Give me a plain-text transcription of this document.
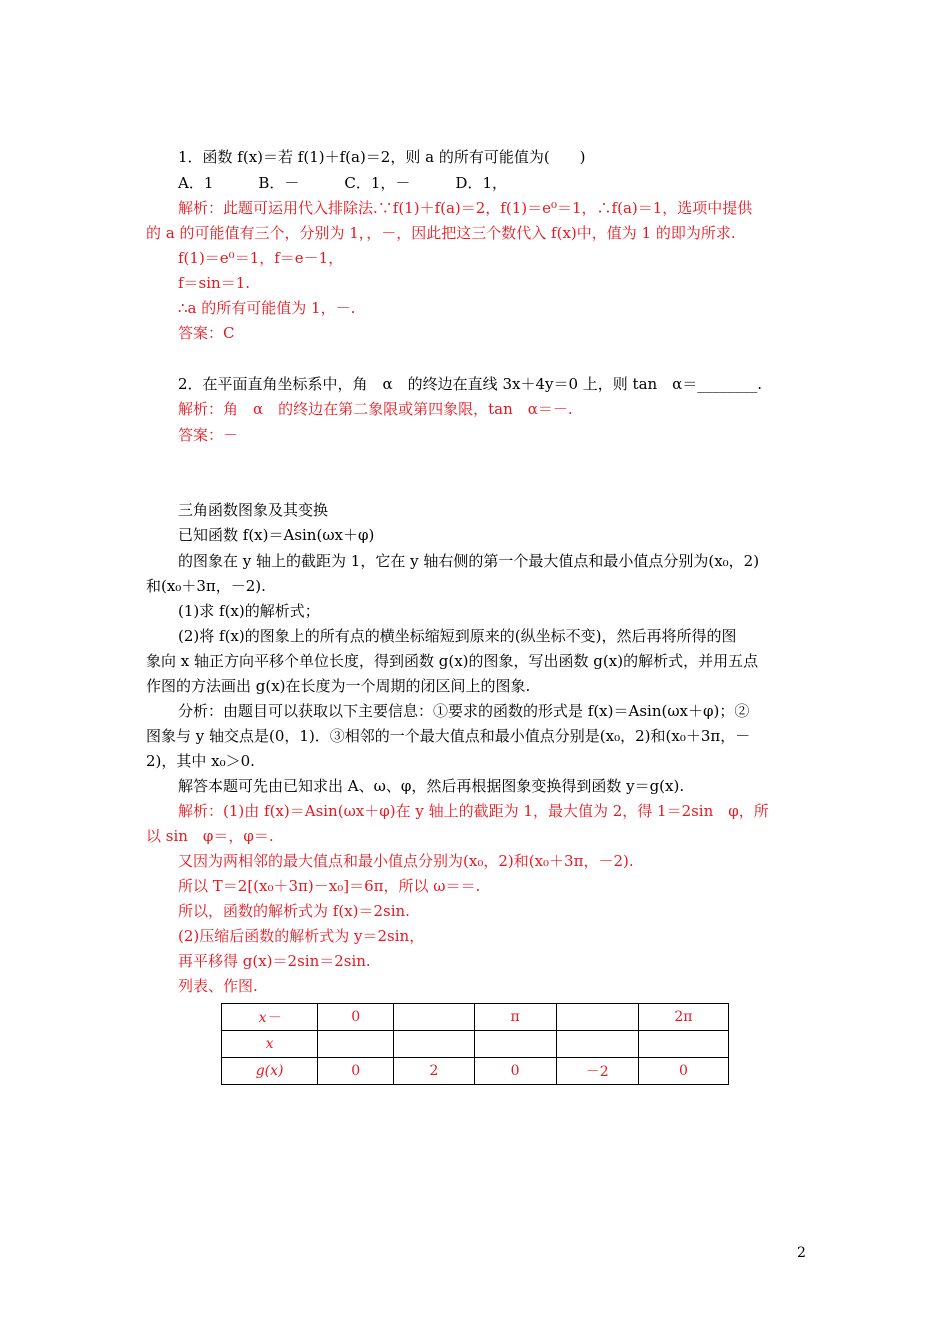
1．函数 f(x)＝若 f(1)＋f(a)＝2，则 a 的所有可能值为(　　)
A．1　　　B．－　　　C．1，－　　　D．1，
解析：此题可运用代入排除法.∵f(1)＋f(a)＝2，f(1)＝e⁰＝1，∴f(a)＝1，选项中提供
的 a 的可能值有三个，分别为 1，，－，因此把这三个数代入 f(x)中，值为 1 的即为所求.
f(1)＝e⁰＝1，f＝e－1，
f＝sin＝1.
∴a 的所有可能值为 1，－.
答案：C
2．在平面直角坐标系中，角　α　的终边在直线 3x＋4y＝0 上，则 tan　α＝________.
解析：角　α　的终边在第二象限或第四象限，tan　α＝－.
答案：－
三角函数图象及其变换
已知函数 f(x)＝Asin(ωx＋φ)
的图象在 y 轴上的截距为 1，它在 y 轴右侧的第一个最大值点和最小值点分别为(x₀，2)
和(x₀＋3π，－2).
(1)求 f(x)的解析式；
(2)将 f(x)的图象上的所有点的横坐标缩短到原来的(纵坐标不变)，然后再将所得的图
象向 x 轴正方向平移个单位长度，得到函数 g(x)的图象，写出函数 g(x)的解析式，并用五点
作图的方法画出 g(x)在长度为一个周期的闭区间上的图象.
分析：由题目可以获取以下主要信息：①要求的函数的形式是 f(x)＝Asin(ωx＋φ)；②
图象与 y 轴交点是(0，1)．③相邻的一个最大值点和最小值点分别是(x₀，2)和(x₀＋3π，－
2)，其中 x₀＞0.
解答本题可先由已知求出 A、ω、φ，然后再根据图象变换得到函数 y＝g(x).
解析：(1)由 f(x)＝Asin(ωx＋φ)在 y 轴上的截距为 1，最大值为 2，得 1＝2sin　φ，所
以 sin　φ＝，φ＝.
又因为两相邻的最大值点和最小值点分别为(x₀，2)和(x₀＋3π，－2).
所以 T＝2[(x₀＋3π)－x₀]＝6π，所以 ω＝＝.
所以，函数的解析式为 f(x)＝2sin.
(2)压缩后函数的解析式为 y＝2sin，
再平移得 g(x)＝2sin＝2sin.
列表、作图.
x－	0		π		2π
x					
g(x)	0	2	0	－2	0
2
